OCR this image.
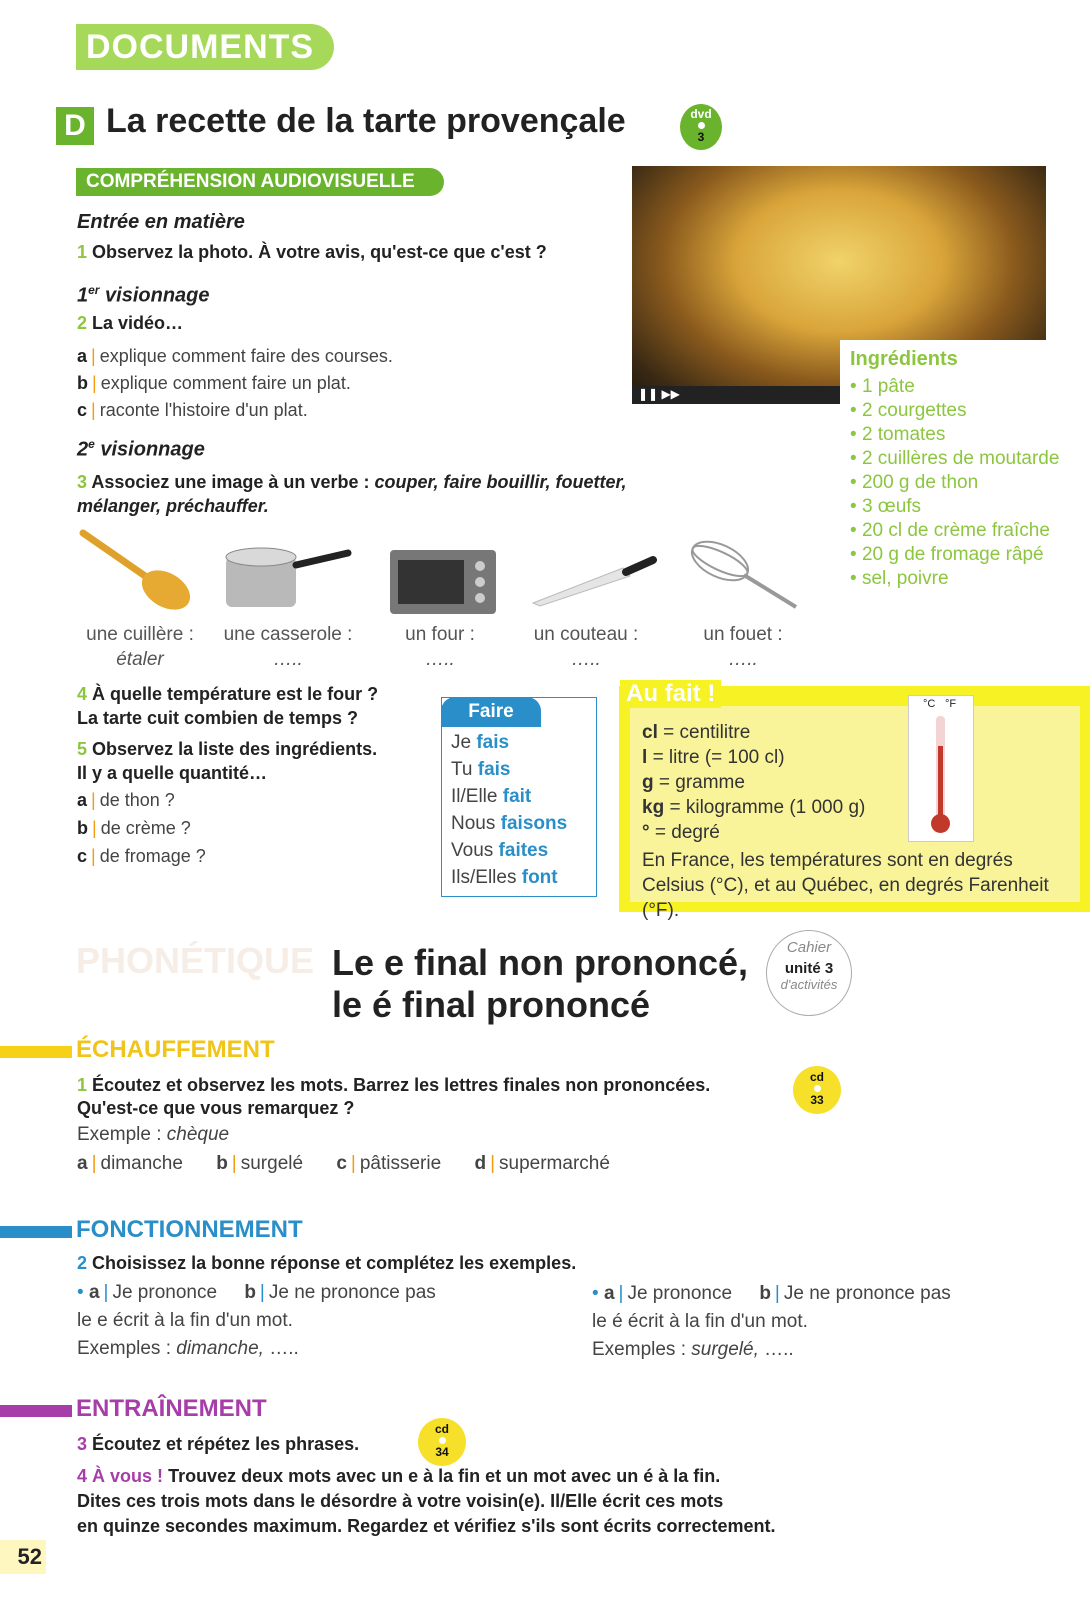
DOCUMENTS
D La recette de la tarte provençale	dvd
3
COMPRÉHENSION AUDIOVISUELLE
Entrée en matière
1 Observez la photo. À votre avis, qu'est-ce que c'est ?
1er visionnage
2 La vidéo…
a | explique comment faire des courses.
b | explique comment faire un plat.
c | raconte l'histoire d'un plat.
2e visionnage
3 Associez une image à un verbe : couper, faire bouillir, fouetter,
mélanger, préchauffer.
❚❚ ▶▶
Ingrédients
• 1 pâte
• 2 courgettes
• 2 tomates
• 2 cuillères de moutarde
• 200 g de thon
• 3 œufs
• 20 cl de crème fraîche
• 20 g de fromage râpé
• sel, poivre
une cuillère :
étaler
une casserole :
…..
un four :
…..
un couteau :
…..
un fouet :
…..
4 À quelle température est le four ?
La tarte cuit combien de temps ?
5 Observez la liste des ingrédients.
Il y a quelle quantité…
a | de thon ?
b | de crème ?
c | de fromage ?
Faire
Je fais
Tu fais
Il/Elle fait
Nous faisons
Vous faites
Ils/Elles font
Au fait !
cl = centilitre
l = litre (= 100 cl)
g = gramme
kg = kilogramme (1 000 g)
° = degré
En France, les températures sont en degrés
Celsius (°C), et au Québec, en degrés Farenheit (°F).
°C °F
PHONÉTIQUE Le e final non prononcé,
le é final prononcé
Cahier
unité 3
d'activités
ÉCHAUFFEMENT
1 Écoutez et observez les mots. Barrez les lettres finales non prononcées.
Qu'est-ce que vous remarquez ?
cd
33
Exemple : chèque
a | dimanche b | surgelé c | pâtisserie d | supermarché
FONCTIONNEMENT
2 Choisissez la bonne réponse et complétez les exemples.
• a | Je prononce b | Je ne prononce pas
le e écrit à la fin d'un mot.
Exemples : dimanche, …..
• a | Je prononce b | Je ne prononce pas
le é écrit à la fin d'un mot.
Exemples : surgelé, …..
ENTRAÎNEMENT
3 Écoutez et répétez les phrases.
cd
34
4 À vous ! Trouvez deux mots avec un e à la fin et un mot avec un é à la fin.
Dites ces trois mots dans le désordre à votre voisin(e). Il/Elle écrit ces mots
en quinze secondes maximum. Regardez et vérifiez s'ils sont écrits correctement.
52
